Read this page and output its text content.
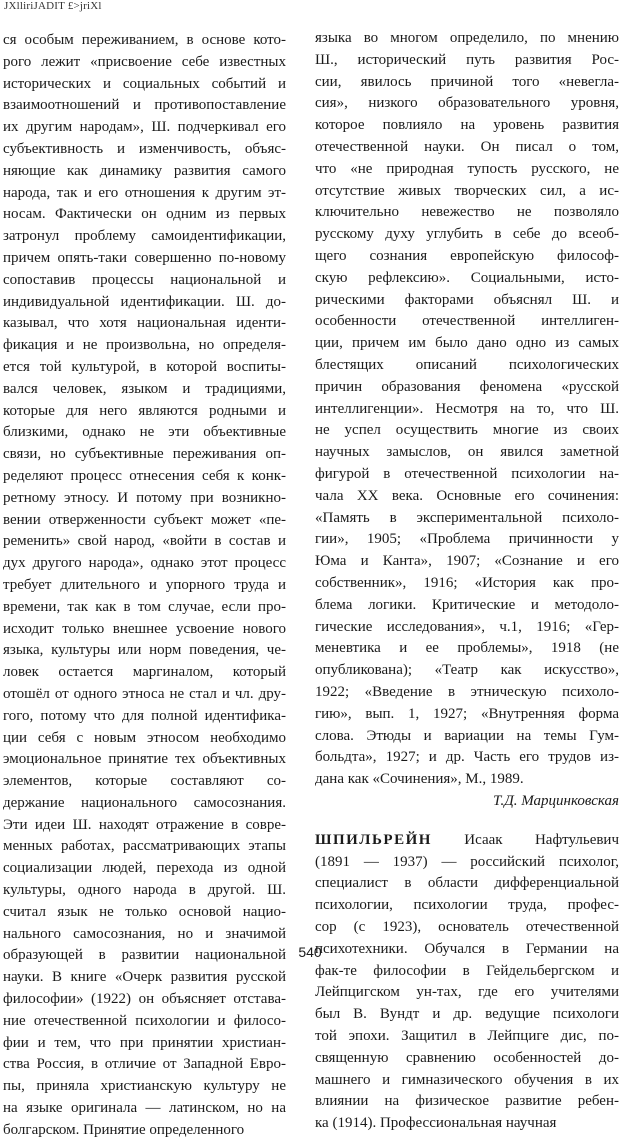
JXlliriJADIT £>jriXl
ся особым переживанием, в основе кото-
рого лежит «присвоение себе известных
исторических и социальных событий и
взаимоотношений и противопоставление
их другим народам», Ш. подчеркивал его
субъективность и изменчивость, объяс-
няющие как динамику развития самого
народа, так и его отношения к другим эт-
носам. Фактически он одним из первых
затронул проблему самоидентификации,
причем опять-таки совершенно по-новому
сопоставив процессы национальной и
индивидуальной идентификации. Ш. до-
казывал, что хотя национальная иденти-
фикация и не произвольна, но определя-
ется той культурой, в которой воспиты-
вался человек, языком и традициями,
которые для него являются родными и
близкими, однако не эти объективные
связи, но субъективные переживания оп-
ределяют процесс отнесения себя к конк-
ретному этносу. И потому при возникно-
вении отверженности субъект может «пе-
ременить» свой народ, «войти в состав и
дух другого народа», однако этот процесс
требует длительного и упорного труда и
времени, так как в том случае, если про-
исходит только внешнее усвоение нового
языка, культуры или норм поведения, че-
ловек остается маргиналом, который
отошёл от одного этноса не стал и чл. дру-
гого, потому что для полной идентифика-
ции себя с новым этносом необходимо
эмоциональное принятие тех объективных
элементов, которые составляют со-
держание национального самосознания.
Эти идеи Ш. находят отражение в совре-
менных работах, рассматривающих этапы
социализации людей, перехода из одной
культуры, одного народа в другой. Ш.
считал язык не только основой нацио-
нального самосознания, но и значимой
образующей в развитии национальной
науки. В книге «Очерк развития русской
философии» (1922) он объясняет отстава-
ние отечественной психологии и филосо-
фии и тем, что при принятии христиан-
ства Россия, в отличие от Западной Евро-
пы, приняла христианскую культуру не
на языке оригинала — латинском, но на
болгарском. Принятие определенного
языка во многом определило, по мнению
Ш., исторический путь развития Рос-
сии, явилось причиной того «невегла-
сия», низкого образовательного уровня,
которое повлияло на уровень развития
отечественной науки. Он писал о том,
что «не природная тупость русского, не
отсутствие живых творческих сил, а ис-
ключительно невежество не позволяло
русскому духу углубить в себе до всеоб-
щего сознания европейскую философ-
скую рефлексию». Социальными, исто-
рическими факторами объяснял Ш. и
особенности отечественной интеллиген-
ции, причем им было дано одно из самых
блестящих описаний психологических
причин образования феномена «русской
интеллигенции». Несмотря на то, что Ш.
не успел осуществить многие из своих
научных замыслов, он явился заметной
фигурой в отечественной психологии на-
чала XX века. Основные его сочинения:
«Память в экспериментальной психоло-
гии», 1905; «Проблема причинности у
Юма и Канта», 1907; «Сознание и его
собственник», 1916; «История как про-
блема логики. Критические и методоло-
гические исследования», ч.1, 1916; «Гер-
меневтика и ее проблемы», 1918 (не
опубликована); «Театр как искусство»,
1922; «Введение в этническую психоло-
гию», вып. 1, 1927; «Внутренняя форма
слова. Этюды и вариации на темы Гум-
больдта», 1927; и др. Часть его трудов из-
дана как «Сочинения», М., 1989.
Т.Д. Марцинковская
ШПИЛЬРЕЙН Исаак Нафтульевич
(1891 — 1937) — российский психолог,
специалист в области дифференциальной
психологии, психологии труда, профес-
сор (с 1923), основатель отечественной
психотехники. Обучался в Германии на
фак-те философии в Гейдельбергском и
Лейпцигском ун-тах, где его учителями
был В. Вундт и др. ведущие психологи
той эпохи. Защитил в Лейпциге дис, по-
священную сравнению особенностей до-
машнего и гимназического обучения в их
влиянии на физическое развитие ребен-
ка (1914). Профессиональная научная
540
